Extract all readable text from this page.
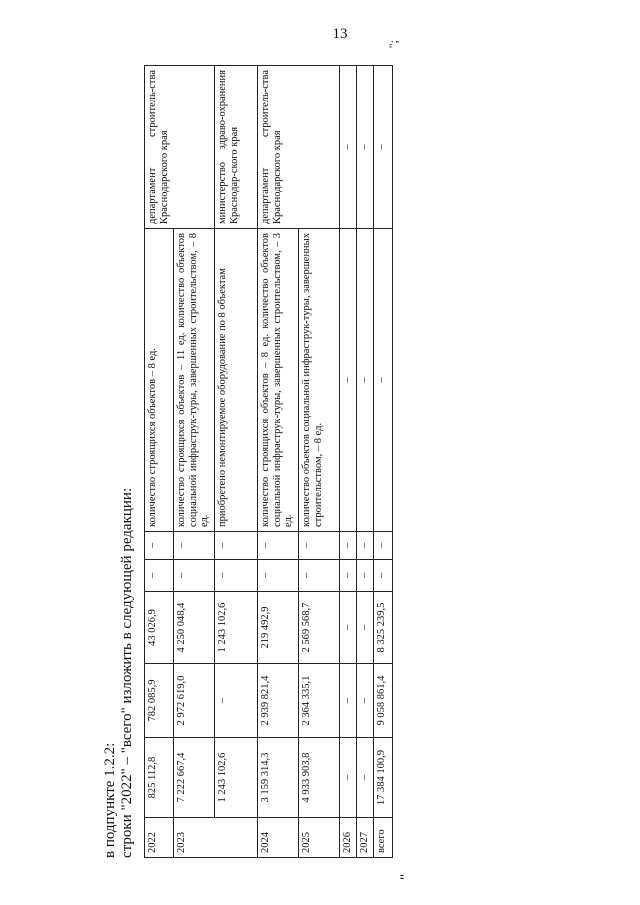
13
в подпункте 1.2.2: строки "2022" – "всего" изложить в следующей редакции: 2022	825 112,8	782 085,9	43 026,9	–	–	количество строящихся объектов – 8 ед.	департамент строитель-ства Краснодарского края
2023	7 222 667,4	2 972 619,0	4 250 048,4	–	–	количество строящихся объектов – 11 ед. количество объектов социальной инфраструк-туры, завершенных строительством, – 8 ед.	
	1 243 102,6	–	1 243 102,6	–	–	приобретено немонтируемое оборудование по 8 объектам	министерство здраво-охранения Краснодар-ского края
2024	3 159 314,3	2 939 821,4	219 492,9	–	–	количество строящихся объектов – 8 ед. количество объектов социальной инфраструк-туры, завершенных строительством, – 3 ед.	департамент строитель-ства Краснодарского края
2025	4 933 903,8	2 364 335,1	2 569 568,7	–	–	количество объектов социальной инфраструк-туры, завершенных строительством, – 8 ед.	
2026	–	–	–	–	–	–	–
2027	–	–	–	–	–	–	–
всего	17 384 100,9	9 058 861,4	8 325 239,5	–	–	–	–
"
";
